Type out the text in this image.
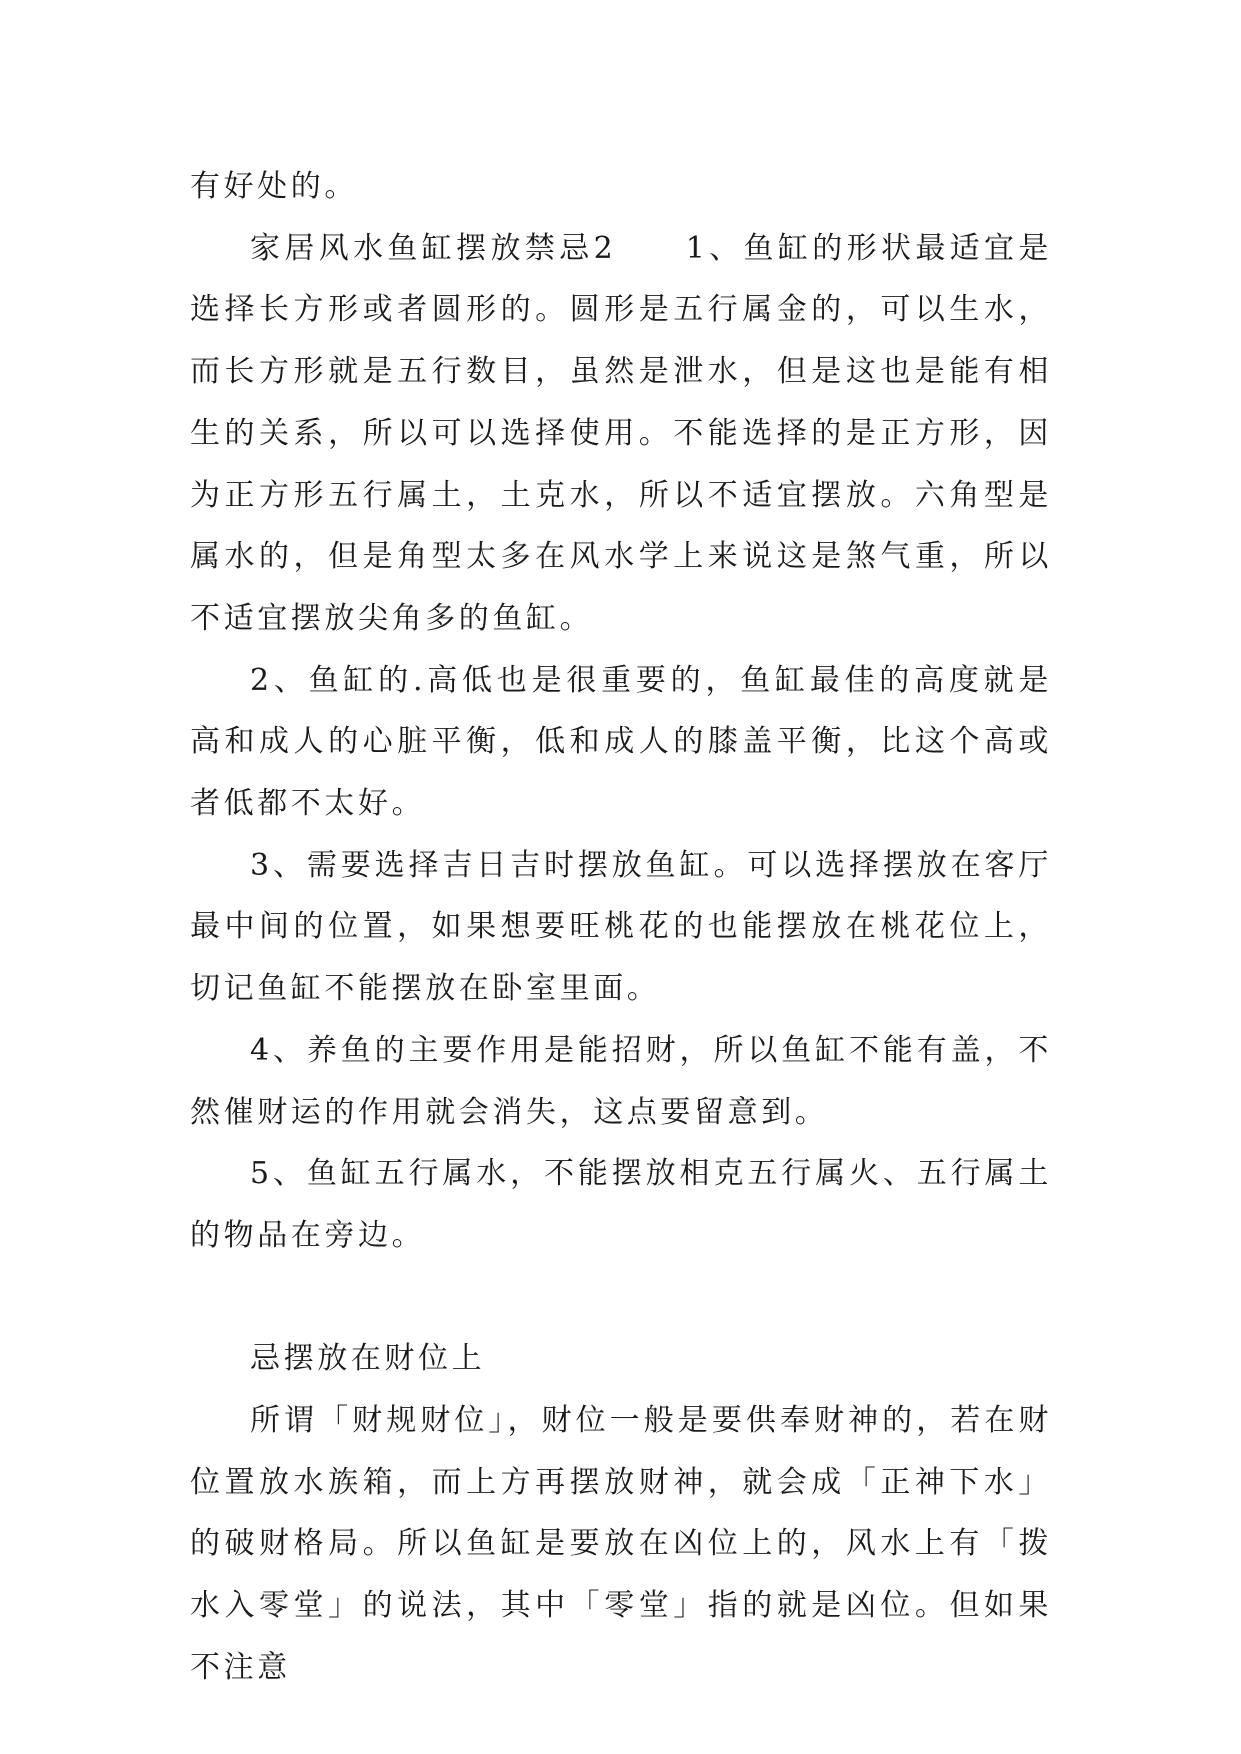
有好处的。

家居风水鱼缸摆放禁忌2　　1、鱼缸的形状最适宜是选择长方形或者圆形的。圆形是五行属金的，可以生水，而长方形就是五行数目，虽然是泄水，但是这也是能有相生的关系，所以可以选择使用。不能选择的是正方形，因为正方形五行属土，土克水，所以不适宜摆放。六角型是属水的，但是角型太多在风水学上来说这是煞气重，所以不适宜摆放尖角多的鱼缸。

2、鱼缸的.高低也是很重要的，鱼缸最佳的高度就是高和成人的心脏平衡，低和成人的膝盖平衡，比这个高或者低都不太好。

3、需要选择吉日吉时摆放鱼缸。可以选择摆放在客厅最中间的位置，如果想要旺桃花的也能摆放在桃花位上，切记鱼缸不能摆放在卧室里面。

4、养鱼的主要作用是能招财，所以鱼缸不能有盖，不然催财运的作用就会消失，这点要留意到。

5、鱼缸五行属水，不能摆放相克五行属火、五行属土的物品在旁边。

忌摆放在财位上

所谓「财规财位」，财位一般是要供奉财神的，若在财位置放水族箱，而上方再摆放财神，就会成「正神下水」的破财格局。所以鱼缸是要放在凶位上的，风水上有「拨水入零堂」的说法，其中「零堂」指的就是凶位。但如果不注意
